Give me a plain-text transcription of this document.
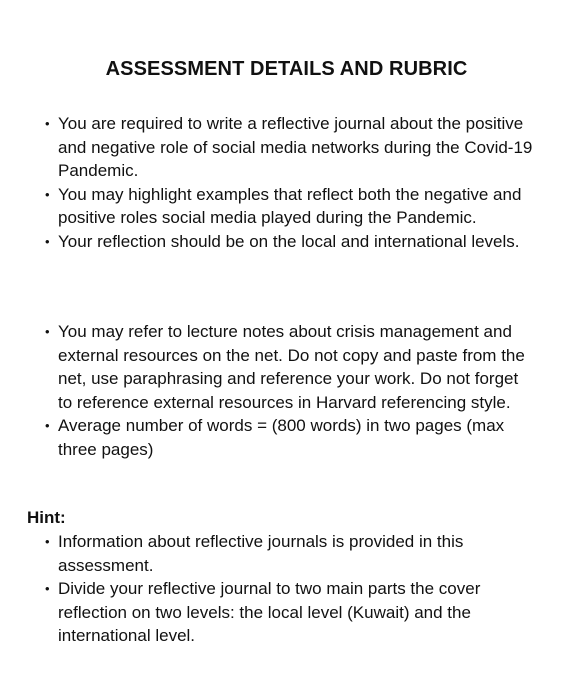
ASSESSMENT DETAILS AND RUBRIC
• You are required to write a reflective journal about the positive and negative role of social media networks during the Covid-19 Pandemic.
• You may highlight examples that reflect both the negative and positive roles social media played during the Pandemic.
• Your reflection should be on the local and international levels.
• You may refer to lecture notes about crisis management and external resources on the net. Do not copy and paste from the net, use paraphrasing and reference your work. Do not forget to reference external resources in Harvard referencing style.
• Average number of words = (800 words) in two pages (max three pages)

Hint:

• Information about reflective journals is provided in this assessment.
• Divide your reflective journal to two main parts the cover reflection on two levels: the local level (Kuwait) and the international level.
